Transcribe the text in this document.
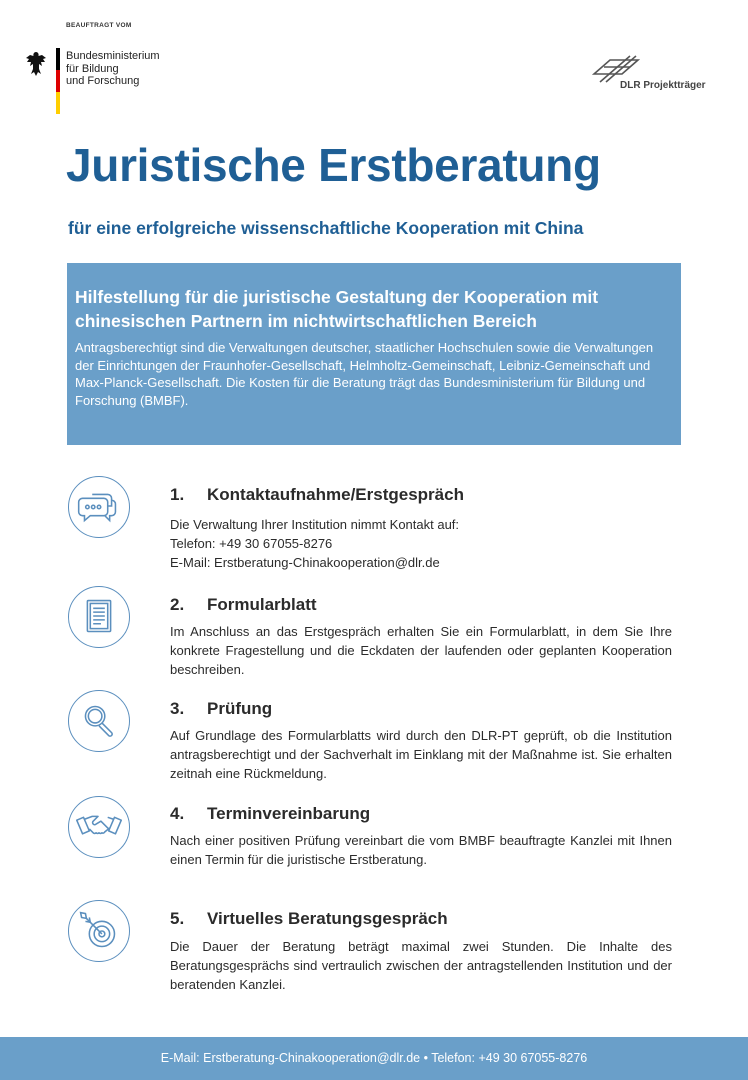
BEAUFTRAGT VOM
Bundesministerium
für Bildung
und Forschung	DLR Projektträger
Juristische Erstberatung
für eine erfolgreiche wissenschaftliche Kooperation mit China
Hilfestellung für die juristische Gestaltung der Kooperation mit chinesischen Partnern im nichtwirtschaftlichen Bereich
Antragsberechtigt sind die Verwaltungen deutscher, staatlicher Hochschulen sowie die Verwaltungen der Einrichtungen der Fraunhofer-Gesellschaft, Helmholtz-Gemeinschaft, Leibniz-Gemeinschaft und Max-Planck-Gesellschaft. Die Kosten für die Beratung trägt das Bundesministerium für Bildung und Forschung (BMBF).
1. Kontaktaufnahme/Erstgespräch
Die Verwaltung Ihrer Institution nimmt Kontakt auf:
Telefon: +49 30 67055-8276
E-Mail: Erstberatung-Chinakooperation@dlr.de
2. Formularblatt
Im Anschluss an das Erstgespräch erhalten Sie ein Formularblatt, in dem Sie Ihre konkrete Fragestellung und die Eckdaten der laufenden oder geplanten Kooperation beschreiben.
3. Prüfung
Auf Grundlage des Formularblatts wird durch den DLR-PT geprüft, ob die Institution antragsberechtigt und der Sachverhalt im Einklang mit der Maßnahme ist. Sie erhalten zeitnah eine Rückmeldung.
4. Terminvereinbarung
Nach einer positiven Prüfung vereinbart die vom BMBF beauftragte Kanzlei mit Ihnen einen Termin für die juristische Erstberatung.
5. Virtuelles Beratungsgespräch
Die Dauer der Beratung beträgt maximal zwei Stunden. Die Inhalte des Beratungsgesprächs sind vertraulich zwischen der antragstellenden Institution und der beratenden Kanzlei.
E-Mail: Erstberatung-Chinakooperation@dlr.de • Telefon: +49 30 67055-8276
